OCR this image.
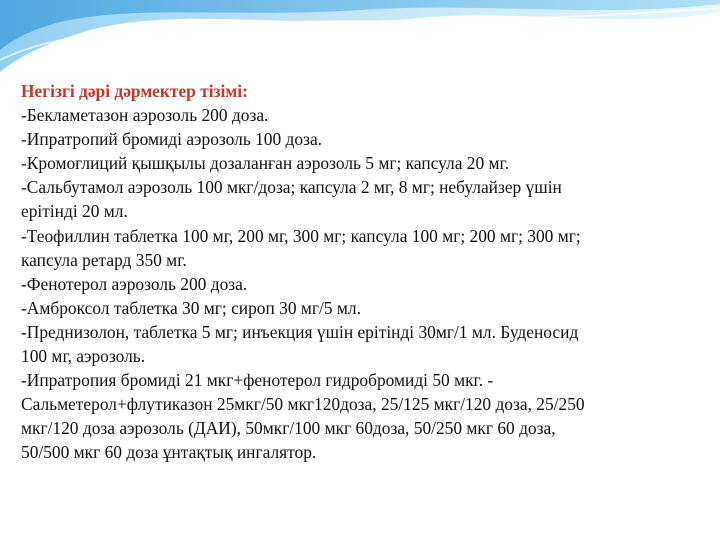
Негізгі дәрі дәрмектер тізімі:
-Бекламетазон аэрозоль 200 доза.
-Ипратропий бромиді аэрозоль 100 доза.
-Кромоглиций қышқылы дозаланған аэрозоль 5 мг; капсула 20 мг.
-Сальбутамол аэрозоль 100 мкг/доза; капсула 2 мг, 8 мг; небулайзер үшін
ерітінді 20 мл.
-Теофиллин таблетка 100 мг, 200 мг, 300 мг; капсула 100 мг; 200 мг; 300 мг;
капсула ретард 350 мг.
-Фенотерол аэрозоль 200 доза.
-Амброксол таблетка 30 мг; сироп 30 мг/5 мл.
-Преднизолон, таблетка 5 мг; инъекция үшін ерітінді 30мг/1 мл. Буденосид
100 мг, аэрозоль.
-Ипратропия бромиді 21 мкг+фенотерол гидробромиді 50 мкг. -
Сальметерол+флутиказон 25мкг/50 мкг120доза, 25/125 мкг/120 доза, 25/250
мкг/120 доза аэрозоль (ДАИ), 50мкг/100 мкг 60доза, 50/250 мкг 60 доза,
50/500 мкг 60 доза ұнтақтық ингалятор.
